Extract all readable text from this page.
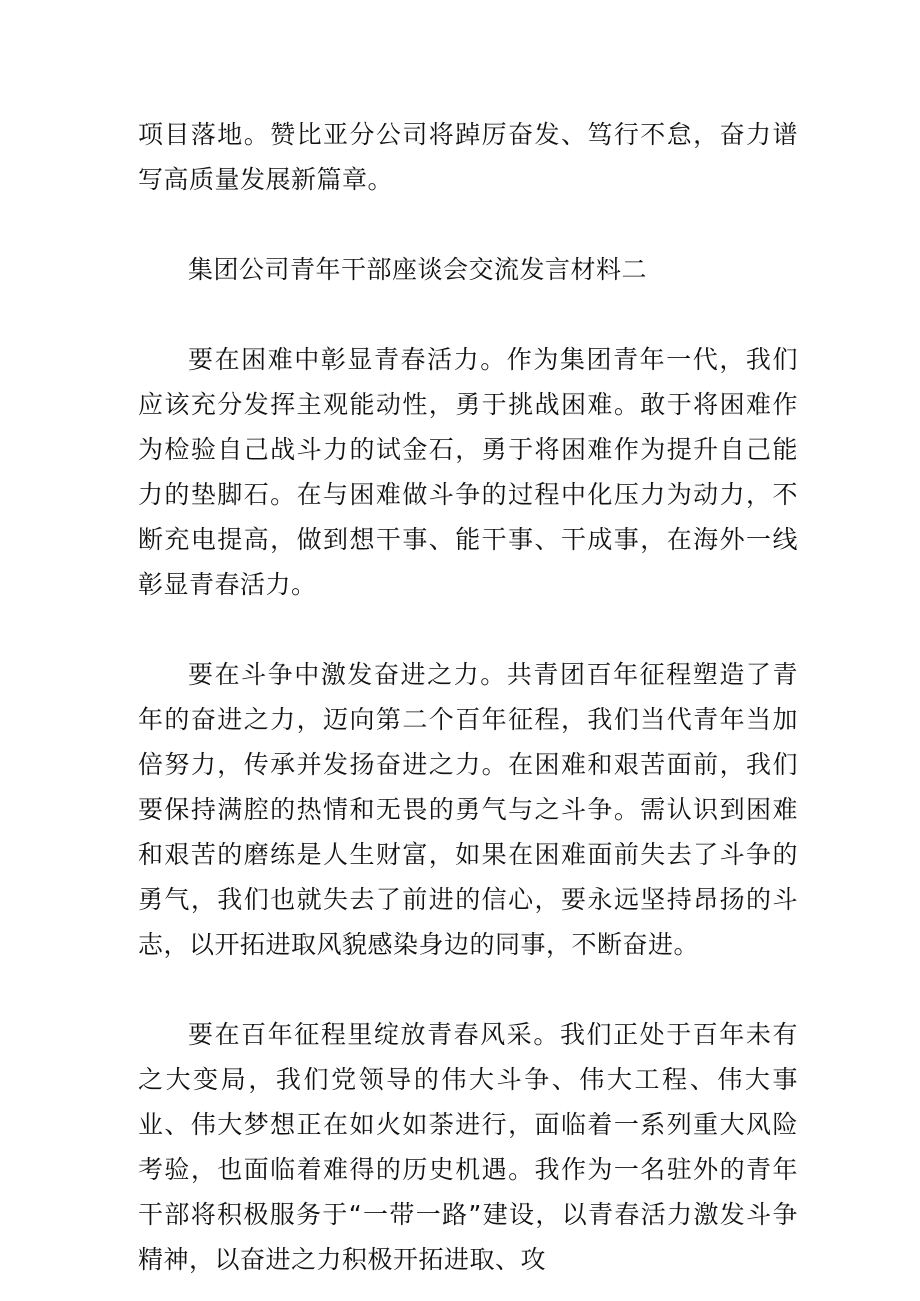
项目落地。赞比亚分公司将踔厉奋发、笃行不怠，奋力谱写高质量发展新篇章。

集团公司青年干部座谈会交流发言材料二

要在困难中彰显青春活力。作为集团青年一代，我们应该充分发挥主观能动性，勇于挑战困难。敢于将困难作为检验自己战斗力的试金石，勇于将困难作为提升自己能力的垫脚石。在与困难做斗争的过程中化压力为动力，不断充电提高，做到想干事、能干事、干成事，在海外一线彰显青春活力。

要在斗争中激发奋进之力。共青团百年征程塑造了青年的奋进之力，迈向第二个百年征程，我们当代青年当加倍努力，传承并发扬奋进之力。在困难和艰苦面前，我们要保持满腔的热情和无畏的勇气与之斗争。需认识到困难和艰苦的磨练是人生财富，如果在困难面前失去了斗争的勇气，我们也就失去了前进的信心，要永远坚持昂扬的斗志，以开拓进取风貌感染身边的同事，不断奋进。

要在百年征程里绽放青春风采。我们正处于百年未有之大变局，我们党领导的伟大斗争、伟大工程、伟大事业、伟大梦想正在如火如荼进行，面临着一系列重大风险考验，也面临着难得的历史机遇。我作为一名驻外的青年干部将积极服务于“一带一路”建设，以青春活力激发斗争精神，以奋进之力积极开拓进取、攻
